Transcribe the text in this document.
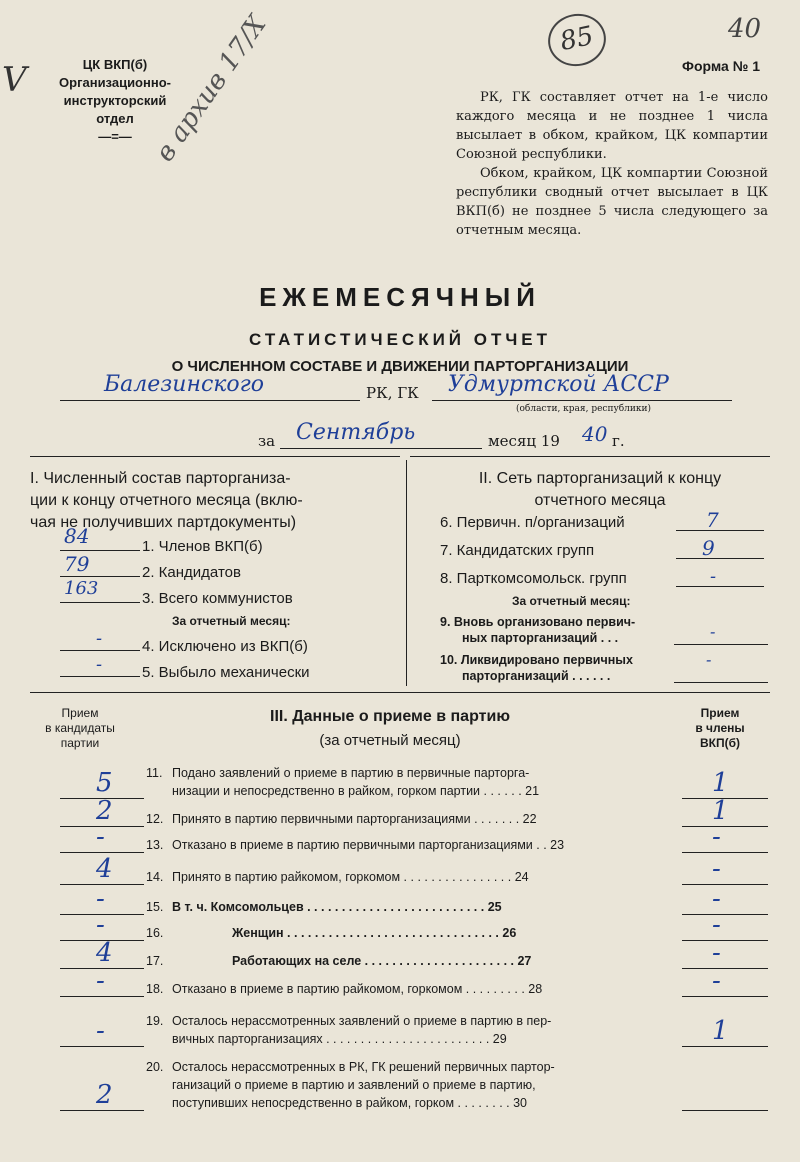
V
85	40
в архив 17/Х
ЦК ВКП(б)
Организационно-
инструкторский
отдел
—=—
Форма № 1

РК, ГК составляет отчет на 1-е число каждого месяца и не позднее 1 числа высылает в обком, крайком, ЦК компартии Союзной республики.

Обком, крайком, ЦК компартии Союзной республики сводный отчет высылает в ЦК ВКП(б) не позднее 5 числа следующего за отчетным месяца.

ЕЖЕМЕСЯЧНЫЙ
СТАТИСТИЧЕСКИЙ ОТЧЕТ
О ЧИСЛЕННОМ СОСТАВЕ И ДВИЖЕНИИ ПАРТОРГАНИЗАЦИИ
Балезинского	РК, ГК Удмуртской АССР
(области, края, республики)
за Сентябрь	месяц 19 40 г.
I. Численный состав парторганиза-
ции к концу отчетного месяца (вклю-
чая не получивших партдокументы)
84	1. Членов ВКП(б)
79	2. Кандидатов
163	3. Всего коммунистов
За отчетный месяц:
-	4. Исключено из ВКП(б)
-	5. Выбыло механически
II. Сеть парторганизаций к концу
отчетного месяца
6. Первичн. п/организаций	7
7. Кандидатских групп	9
8. Парткомсомольск. групп	-
За отчетный месяц:
9. Вновь организовано первич-
ных парторганизаций . . .	-
10. Ликвидировано первичных
парторганизаций . . . . . .
-
Прием
в кандидаты
партии
Прием
в члены
ВКП(б)
III. Данные о приеме в партию
(за отчетный месяц)
11. Подано заявлений о приеме в партию в первичные парторга-
низации и непосредственно в райком, горком партии . . . . . . 21
5	1
12. Принято в партию первичными парторганизациями . . . . . . . 22
2	1
13. Отказано в приеме в партию первичными парторганизациями . . 23
-	-
14. Принято в партию райкомом, горкомом . . . . . . . . . . . . . . . . 24
4	-
15. В т. ч. Комсомольцев . . . . . . . . . . . . . . . . . . . . . . . . . . 25
-	-
16.	Женщин . . . . . . . . . . . . . . . . . . . . . . . . . . . . . . . 26
-	-
17.	Работающих на селе . . . . . . . . . . . . . . . . . . . . . . 27
4	-
18. Отказано в приеме в партию райкомом, горкомом . . . . . . . . . 28
-	-
19. Осталось нерассмотренных заявлений о приеме в партию в пер-
вичных парторганизациях . . . . . . . . . . . . . . . . . . . . . . . . 29
-	1
20. Осталось нерассмотренных в РК, ГК решений первичных партор-
ганизаций о приеме в партию и заявлений о приеме в партию,
поступивших непосредственно в райком, горком . . . . . . . . 30
2
